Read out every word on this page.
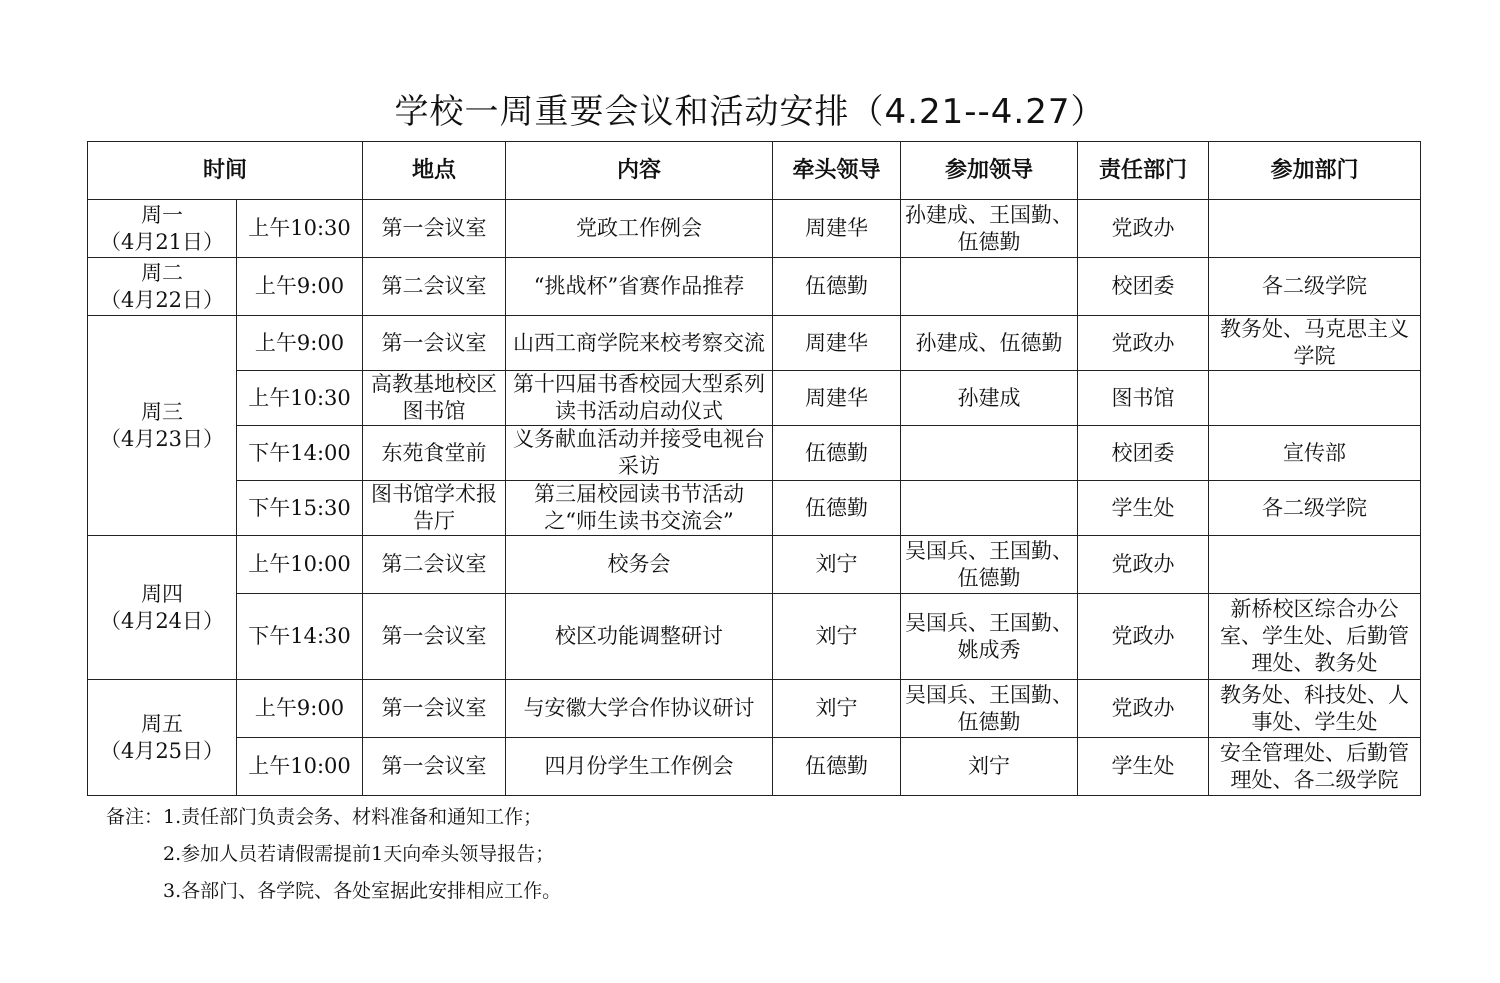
学校一周重要会议和活动安排（4.21--4.27）
时间		地点	内容	牵头领导	参加领导	责任部门	参加部门

周一
（4月21日）	上午10:30	第一会议室	党政工作例会	周建华	孙建成、王国勤、伍德勤	党政办	

周二
（4月22日）	上午9:00	第二会议室	“挑战杯”省赛作品推荐	伍德勤		校团委	各二级学院

周三
（4月23日）	上午9:00	第一会议室	山西工商学院来校考察交流	周建华	孙建成、伍德勤	党政办	教务处、马克思主义学院
	上午10:30	高教基地校区图书馆	第十四届书香校园大型系列读书活动启动仪式	周建华	孙建成	图书馆	
	下午14:00	东苑食堂前	义务献血活动并接受电视台采访	伍德勤		校团委	宣传部
	下午15:30	图书馆学术报告厅	第三届校园读书节活动之“师生读书交流会”	伍德勤		学生处	各二级学院

周四
（4月24日）	上午10:00	第二会议室	校务会	刘宁	吴国兵、王国勤、伍德勤	党政办	
	下午14:30	第一会议室	校区功能调整研讨	刘宁	吴国兵、王国勤、姚成秀	党政办	新桥校区综合办公室、学生处、后勤管理处、教务处

周五
（4月25日）	上午9:00	第一会议室	与安徽大学合作协议研讨	刘宁	吴国兵、王国勤、伍德勤	党政办	教务处、科技处、人事处、学生处
	上午10:00	第一会议室	四月份学生工作例会	伍德勤	刘宁	学生处	安全管理处、后勤管理处、各二级学院
备注：1.责任部门负责会务、材料准备和通知工作；
2.参加人员若请假需提前1天向牵头领导报告；
3.各部门、各学院、各处室据此安排相应工作。
